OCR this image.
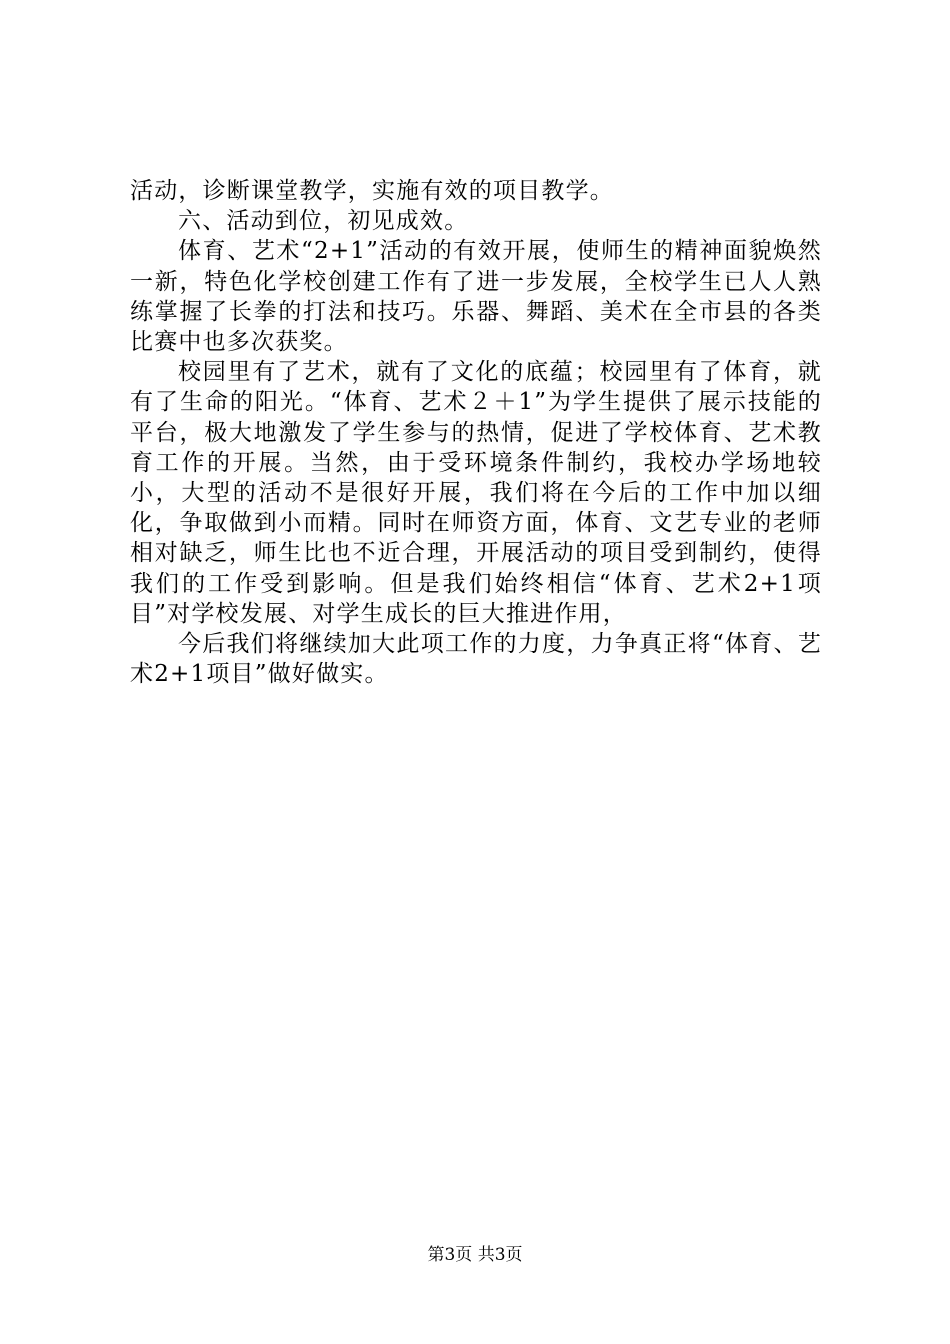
活动，诊断课堂教学，实施有效的项目教学。

六、活动到位，初见成效。

体育、艺术“2+1”活动的有效开展，使师生的精神面貌焕然一新，特色化学校创建工作有了进一步发展，全校学生已人人熟练掌握了长拳的打法和技巧。乐器、舞蹈、美术在全市县的各类比赛中也多次获奖。

校园里有了艺术，就有了文化的底蕴；校园里有了体育，就有了生命的阳光。“体育、艺术２＋1”为学生提供了展示技能的平台，极大地激发了学生参与的热情，促进了学校体育、艺术教育工作的开展。当然，由于受环境条件制约，我校办学场地较小，大型的活动不是很好开展，我们将在今后的工作中加以细化，争取做到小而精。同时在师资方面，体育、文艺专业的老师相对缺乏，师生比也不近合理，开展活动的项目受到制约，使得我们的工作受到影响。但是我们始终相信“体育、艺术2+1项目”对学校发展、对学生成长的巨大推进作用，

今后我们将继续加大此项工作的力度，力争真正将“体育、艺术2+1项目”做好做实。

第3页 共3页
